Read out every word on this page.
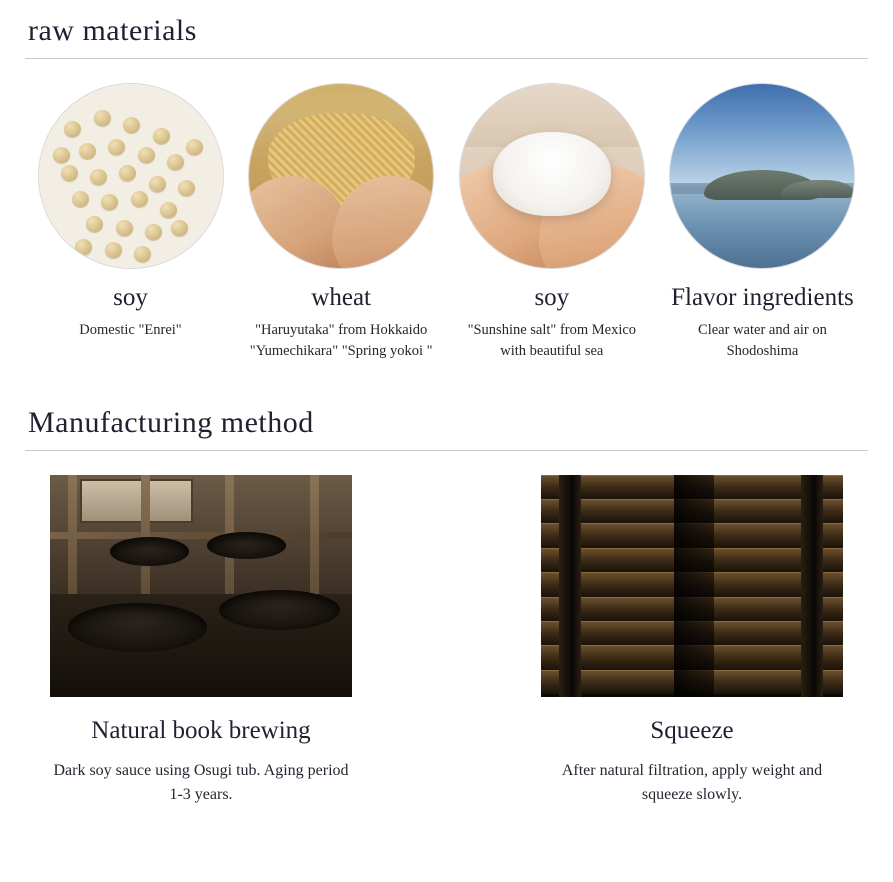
raw materials
soy
Domestic "Enrei"
wheat
"Haruyutaka" from Hokkaido "Yumechikara" "Spring yokoi "
soy
"Sunshine salt" from Mexico with beautiful sea
Flavor ingredients
Clear water and air on Shodoshima
Manufacturing method
Natural book brewing
Dark soy sauce using Osugi tub. Aging period 1-3 years.
Squeeze
After natural filtration, apply weight and squeeze slowly.
